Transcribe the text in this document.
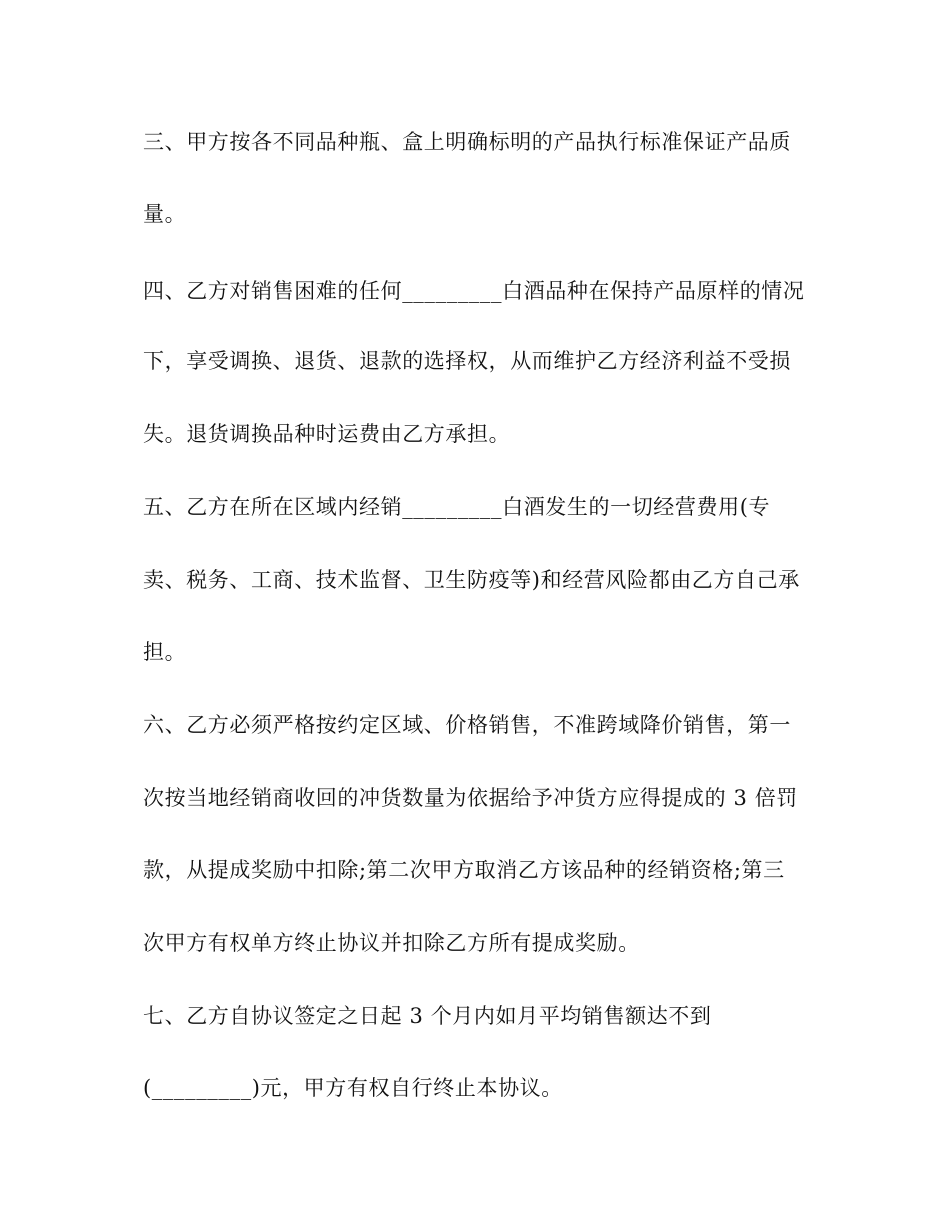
三、甲方按各不同品种瓶、盒上明确标明的产品执行标准保证产品质
量。
四、乙方对销售困难的任何_________白酒品种在保持产品原样的情况
下，享受调换、退货、退款的选择权，从而维护乙方经济利益不受损
失。退货调换品种时运费由乙方承担。
五、乙方在所在区域内经销_________白酒发生的一切经营费用(专
卖、税务、工商、技术监督、卫生防疫等)和经营风险都由乙方自己承
担。
六、乙方必须严格按约定区域、价格销售，不准跨域降价销售，第一
次按当地经销商收回的冲货数量为依据给予冲货方应得提成的 3 倍罚
款，从提成奖励中扣除;第二次甲方取消乙方该品种的经销资格;第三
次甲方有权单方终止协议并扣除乙方所有提成奖励。
七、乙方自协议签定之日起 3 个月内如月平均销售额达不到
(_________)元，甲方有权自行终止本协议。
